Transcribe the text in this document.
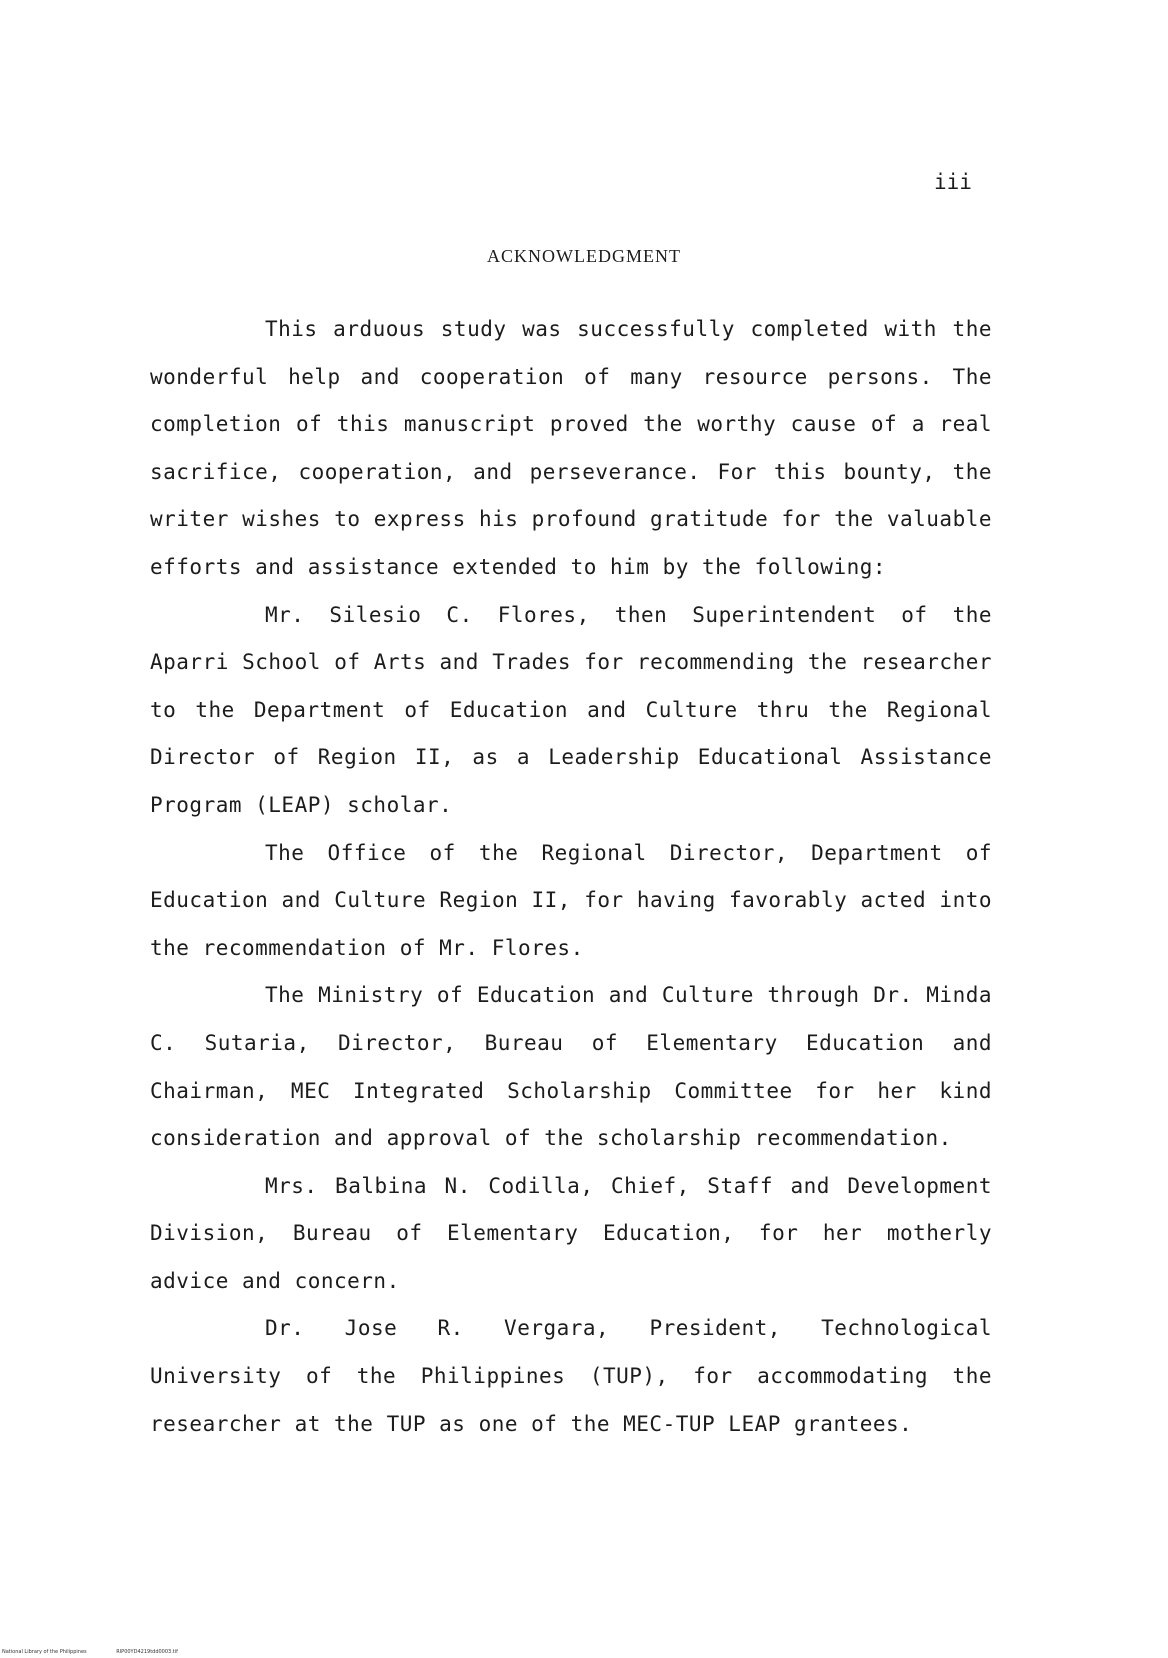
iii
ACKNOWLEDGMENT

This arduous study was successfully completed with the wonderful help and cooperation of many resource persons. The completion of this manuscript proved the worthy cause of a real sacrifice, cooperation, and perseverance. For this bounty, the writer wishes to express his profound gratitude for the valuable efforts and assistance extended to him by the following:

Mr. Silesio C. Flores, then Superintendent of the Aparri School of Arts and Trades for recommending the researcher to the Department of Education and Culture thru the Regional Director of Region II, as a Leadership Educational Assistance Program (LEAP) scholar.

The Office of the Regional Director, Department of Education and Culture Region II, for having favorably acted into the recommendation of Mr. Flores.

The Ministry of Education and Culture through Dr. Minda C. Sutaria, Director, Bureau of Elementary Education and Chairman, MEC Integrated Scholarship Committee for her kind consideration and approval of the scholarship recommendation.

Mrs. Balbina N. Codilla, Chief, Staff and Development Division, Bureau of Elementary Education, for her motherly advice and concern.

Dr. Jose R. Vergara, President, Technological University of the Philippines (TUP), for accommodating the researcher at the TUP as one of the MEC-TUP LEAP grantees.

National Library of the Philippines	RIP00YD4219tdd0003.tif
